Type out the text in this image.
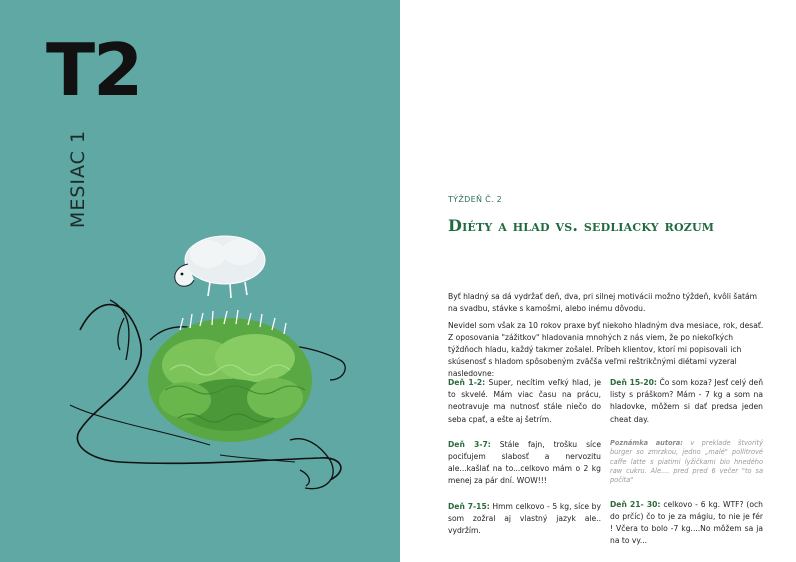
T2
MESIAC 1	TÝŽDEŇ Č. 2
Diéty a hlad vs. sedliacky rozum
Byť hladný sa dá vydržať deň, dva, pri silnej motivácii možno týždeň, kvôli šatám na svadbu, stávke s kamošmi, alebo inému dôvodu.
Nevidel som však za 10 rokov praxe byť niekoho hladným dva mesiace, rok, desať. Z oposovania "zážitkov" hladovania mnohých z nás viem, že po niekoľkých týždňoch hladu, každý takmer zošalel. Príbeh klientov, ktorí mi popisovali ich skúsenosť s hladom spôsobeným zväčša veľmi reštrikčnými diétami vyzeral nasledovne:

Deň 1-2: Super, necítim veľký hlad, je to skvelé. Mám viac času na prácu, neotravuje ma nutnosť stále niečo do seba cpať, a ešte aj šetrím.

Deň 3-7: Stále fajn, trošku síce pociťujem slabosť a nervozitu ale...kašlať na to...celkovo mám o 2 kg menej za pár dní. WOW!!!

Deň 7-15: Hmm celkovo - 5 kg, síce by som zožral aj vlastný jazyk ale.. vydržím.

Deň 15-20: Čo som koza? Jesť celý deň listy s práškom? Mám - 7 kg a som na hladovke, môžem si dať predsa jeden cheat day.

Poznámka autora: v preklade štvoritý burger so zmrzkou, jedno „malé" pollitrové caffe latte s piatimi lyžičkami bio hnedého raw cukru. Ale.... pred pred 6 večer "to sa počíta"

Deň 21- 30: celkovo - 6 kg. WTF? (och do prčíc) čo to je za mágiu, to nie je fér ! Včera to bolo -7 kg....No môžem sa ja na to vy...
